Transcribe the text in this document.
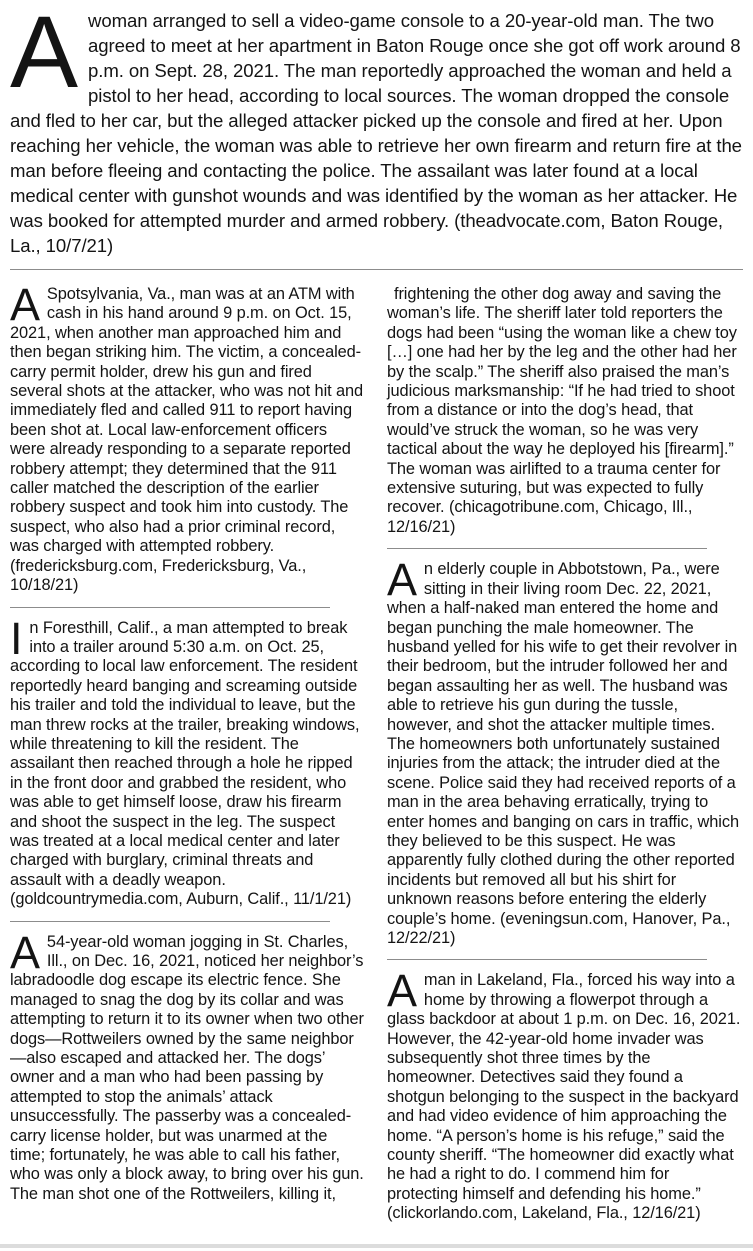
Awoman arranged to sell a video-game console to a 20-year-old man. The two agreed to meet at her apartment in Baton Rouge once she got off work around 8 p.m. on Sept. 28, 2021. The man reportedly approached the woman and held a pistol to her head, according to local sources. The woman dropped the console and fled to her car, but the alleged attacker picked up the console and fired at her. Upon reaching her vehicle, the woman was able to retrieve her own firearm and return fire at the man before fleeing and contacting the police. The assailant was later found at a local medical center with gunshot wounds and was identified by the woman as her attacker. He was booked for attempted murder and armed robbery. (theadvocate.com, Baton Rouge, La., 10/7/21)
A Spotsylvania, Va., man was at an ATM with cash in his hand around 9 p.m. on Oct. 15, 2021, when another man approached him and then began striking him. The victim, a concealed-carry permit holder, drew his gun and fired several shots at the attacker, who was not hit and immediately fled and called 911 to report having been shot at. Local law-enforcement officers were already responding to a separate reported robbery attempt; they determined that the 911 caller matched the description of the earlier robbery suspect and took him into custody. The suspect, who also had a prior criminal record, was charged with attempted robbery. (fredericksburg.com, Fredericksburg, Va., 10/18/21)
In Foresthill, Calif., a man attempted to break into a trailer around 5:30 a.m. on Oct. 25, according to local law enforcement. The resident reportedly heard banging and screaming outside his trailer and told the individual to leave, but the man threw rocks at the trailer, breaking windows, while threatening to kill the resident. The assailant then reached through a hole he ripped in the front door and grabbed the resident, who was able to get himself loose, draw his firearm and shoot the suspect in the leg. The suspect was treated at a local medical center and later charged with burglary, criminal threats and assault with a deadly weapon. (goldcountrymedia.com, Auburn, Calif., 11/1/21)
A 54-year-old woman jogging in St. Charles, Ill., on Dec. 16, 2021, noticed her neighbor’s labradoodle dog escape its electric fence. She managed to snag the dog by its collar and was attempting to return it to its owner when two other dogs—Rottweilers owned by the same neighbor—also escaped and attacked her. The dogs’ owner and a man who had been passing by attempted to stop the animals’ attack unsuccessfully. The passerby was a concealed-carry license holder, but was unarmed at the time; fortunately, he was able to call his father, who was only a block away, to bring over his gun. The man shot one of the Rottweilers, killing it,
frightening the other dog away and saving the woman’s life. The sheriff later told reporters the dogs had been “using the woman like a chew toy […] one had her by the leg and the other had her by the scalp.” The sheriff also praised the man’s judicious marksmanship: “If he had tried to shoot from a distance or into the dog’s head, that would’ve struck the woman, so he was very tactical about the way he deployed his [firearm].” The woman was airlifted to a trauma center for extensive suturing, but was expected to fully recover. (chicagotribune.com, Chicago, Ill., 12/16/21)
An elderly couple in Abbotstown, Pa., were sitting in their living room Dec. 22, 2021, when a half-naked man entered the home and began punching the male homeowner. The husband yelled for his wife to get their revolver in their bedroom, but the intruder followed her and began assaulting her as well. The husband was able to retrieve his gun during the tussle, however, and shot the attacker multiple times. The homeowners both unfortunately sustained injuries from the attack; the intruder died at the scene. Police said they had received reports of a man in the area behaving erratically, trying to enter homes and banging on cars in traffic, which they believed to be this suspect. He was apparently fully clothed during the other reported incidents but removed all but his shirt for unknown reasons before entering the elderly couple’s home. (eveningsun.com, Hanover, Pa., 12/22/21)
Aman in Lakeland, Fla., forced his way into a home by throwing a flowerpot through a glass backdoor at about 1 p.m. on Dec. 16, 2021. However, the 42-year-old home invader was subsequently shot three times by the homeowner. Detectives said they found a shotgun belonging to the suspect in the backyard and had video evidence of him approaching the home. “A person’s home is his refuge,” said the county sheriff. “The homeowner did exactly what he had a right to do. I commend him for protecting himself and defending his home.” (clickorlando.com, Lakeland, Fla., 12/16/21)
